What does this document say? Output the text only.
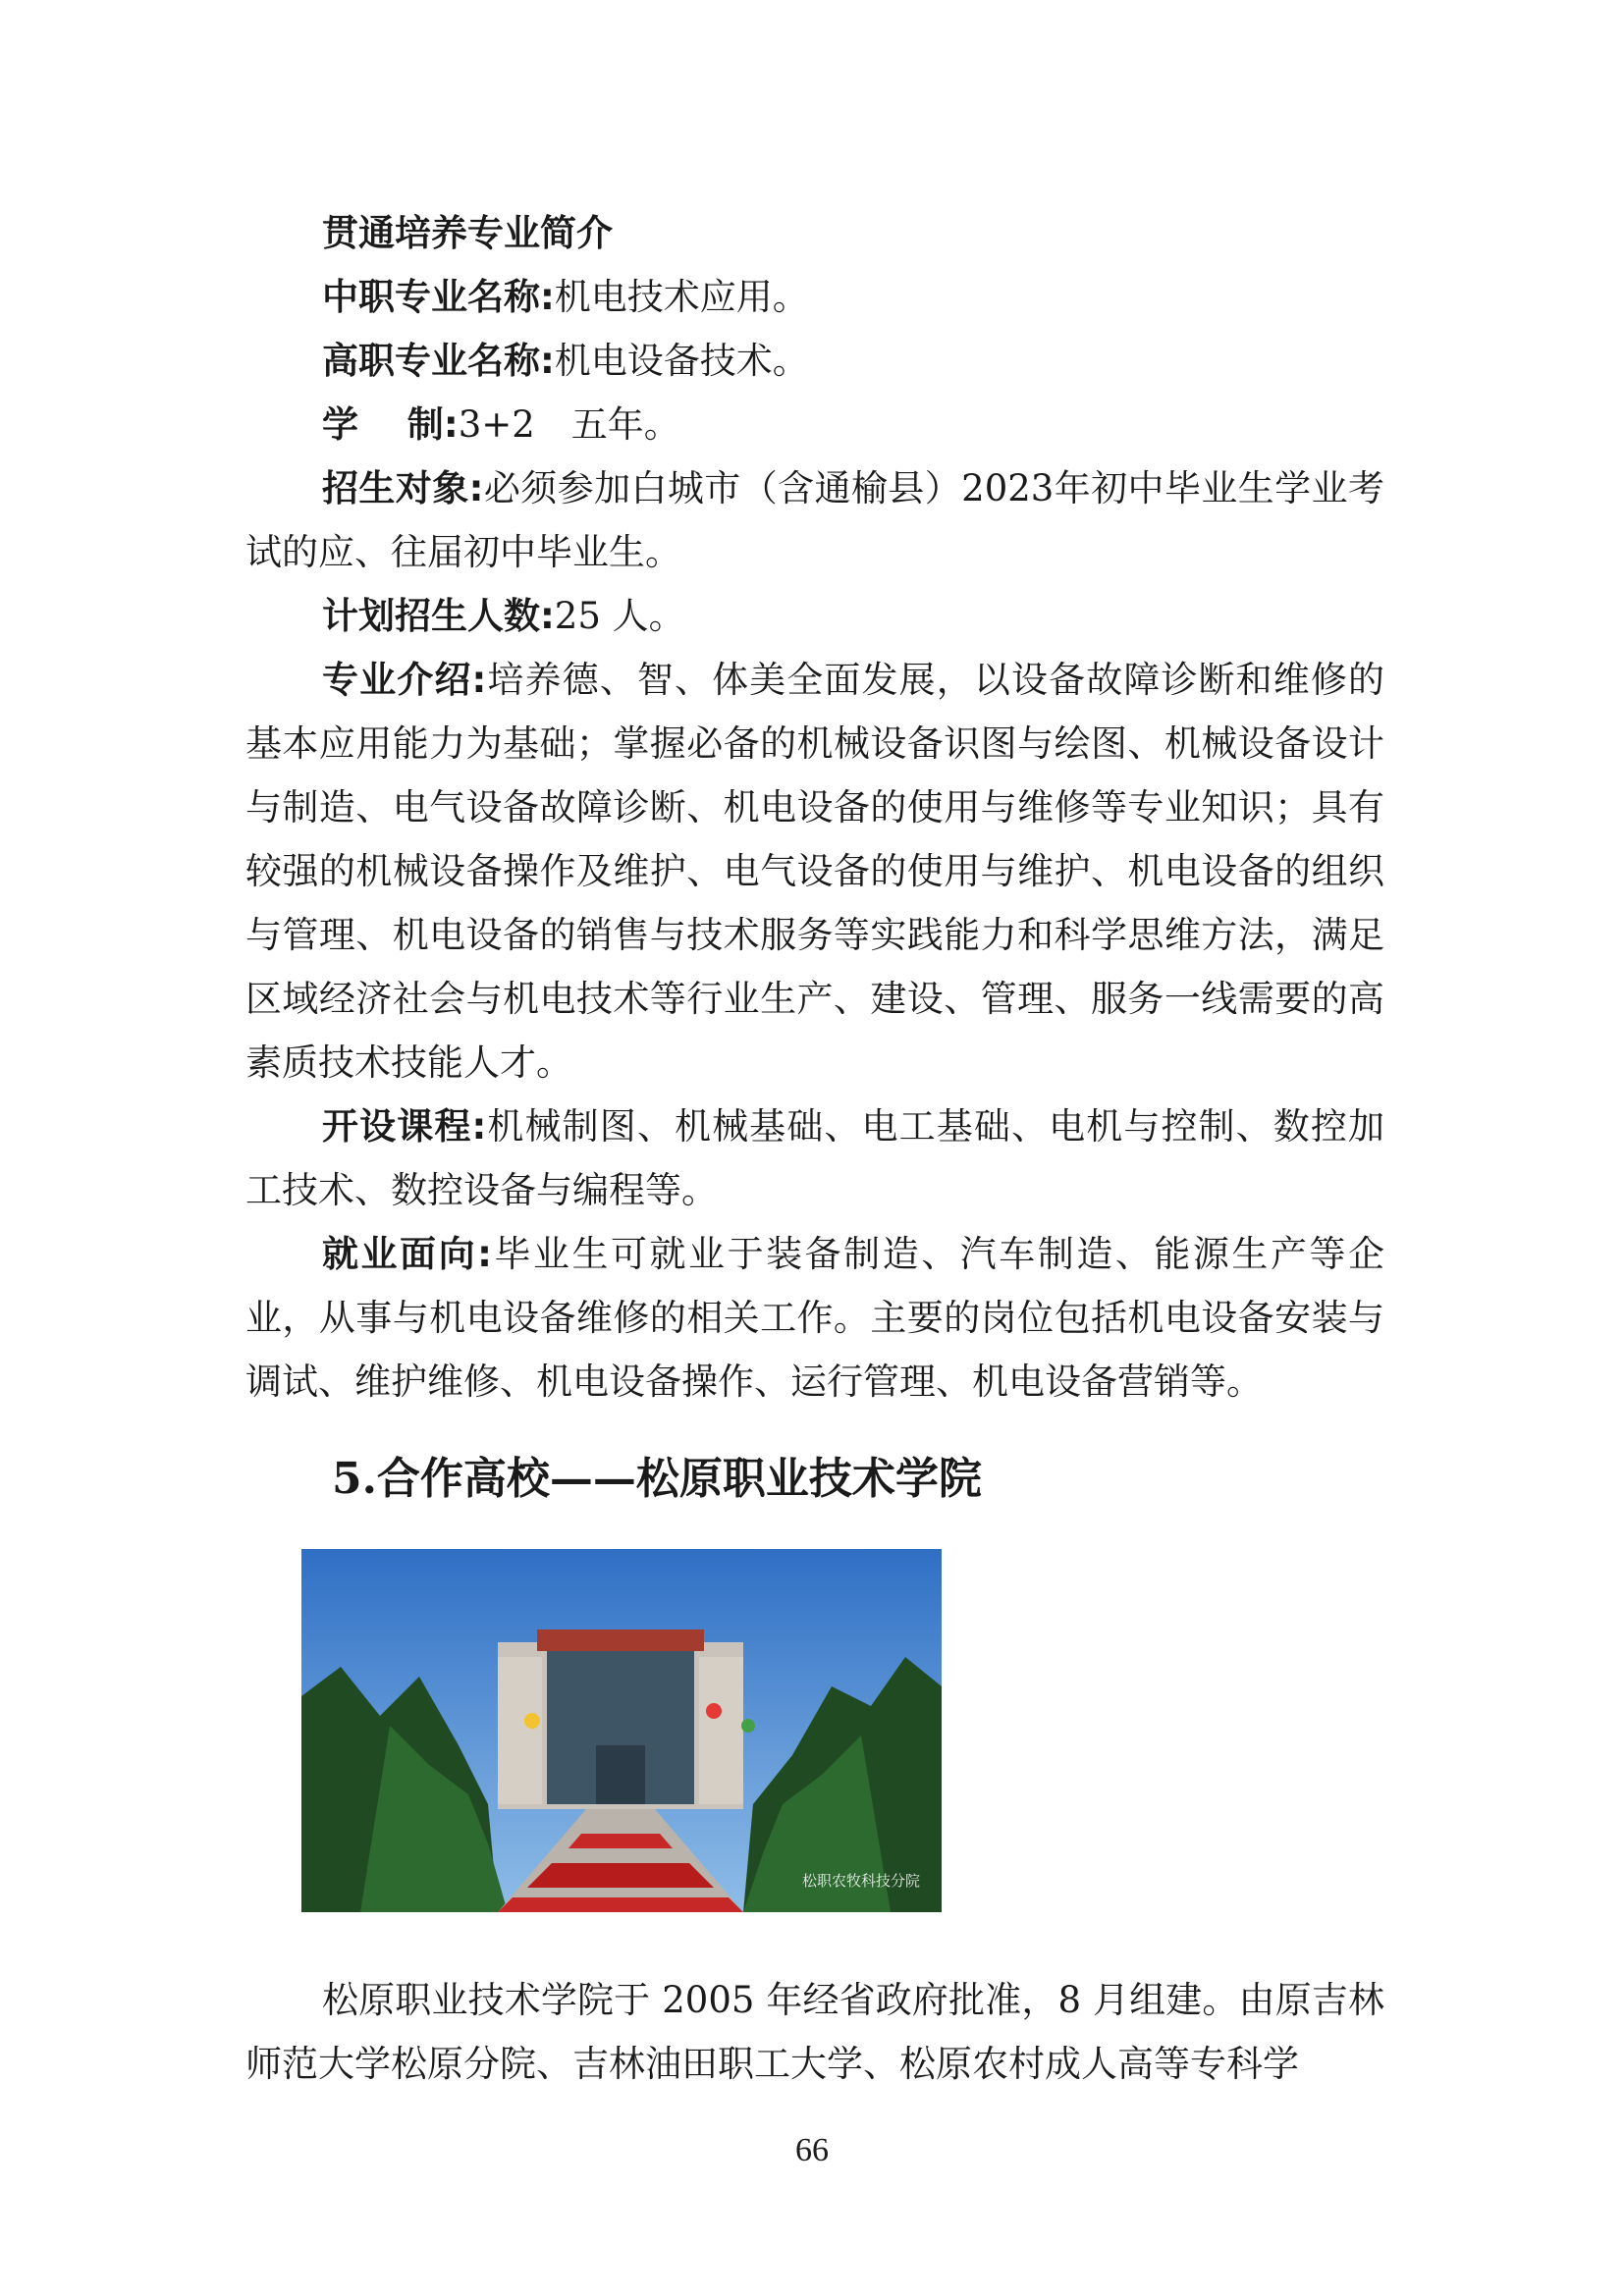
贯通培养专业简介

中职专业名称:机电技术应用。

高职专业名称:机电设备技术。

学　 制:3+2　五年。

招生对象:必须参加白城市（含通榆县）2023年初中毕业生学业考试的应、往届初中毕业生。

计划招生人数:25 人。

专业介绍:培养德、智、体美全面发展，以设备故障诊断和维修的基本应用能力为基础；掌握必备的机械设备识图与绘图、机械设备设计与制造、电气设备故障诊断、机电设备的使用与维修等专业知识；具有较强的机械设备操作及维护、电气设备的使用与维护、机电设备的组织与管理、机电设备的销售与技术服务等实践能力和科学思维方法，满足区域经济社会与机电技术等行业生产、建设、管理、服务一线需要的高素质技术技能人才。

开设课程:机械制图、机械基础、电工基础、电机与控制、数控加工技术、数控设备与编程等。

就业面向:毕业生可就业于装备制造、汽车制造、能源生产等企业，从事与机电设备维修的相关工作。主要的岗位包括机电设备安装与调试、维护维修、机电设备操作、运行管理、机电设备营销等。

5.合作高校——松原职业技术学院
松职农牧科技分院

松原职业技术学院于 2005 年经省政府批准，8 月组建。由原吉林师范大学松原分院、吉林油田职工大学、松原农村成人高等专科学

66
